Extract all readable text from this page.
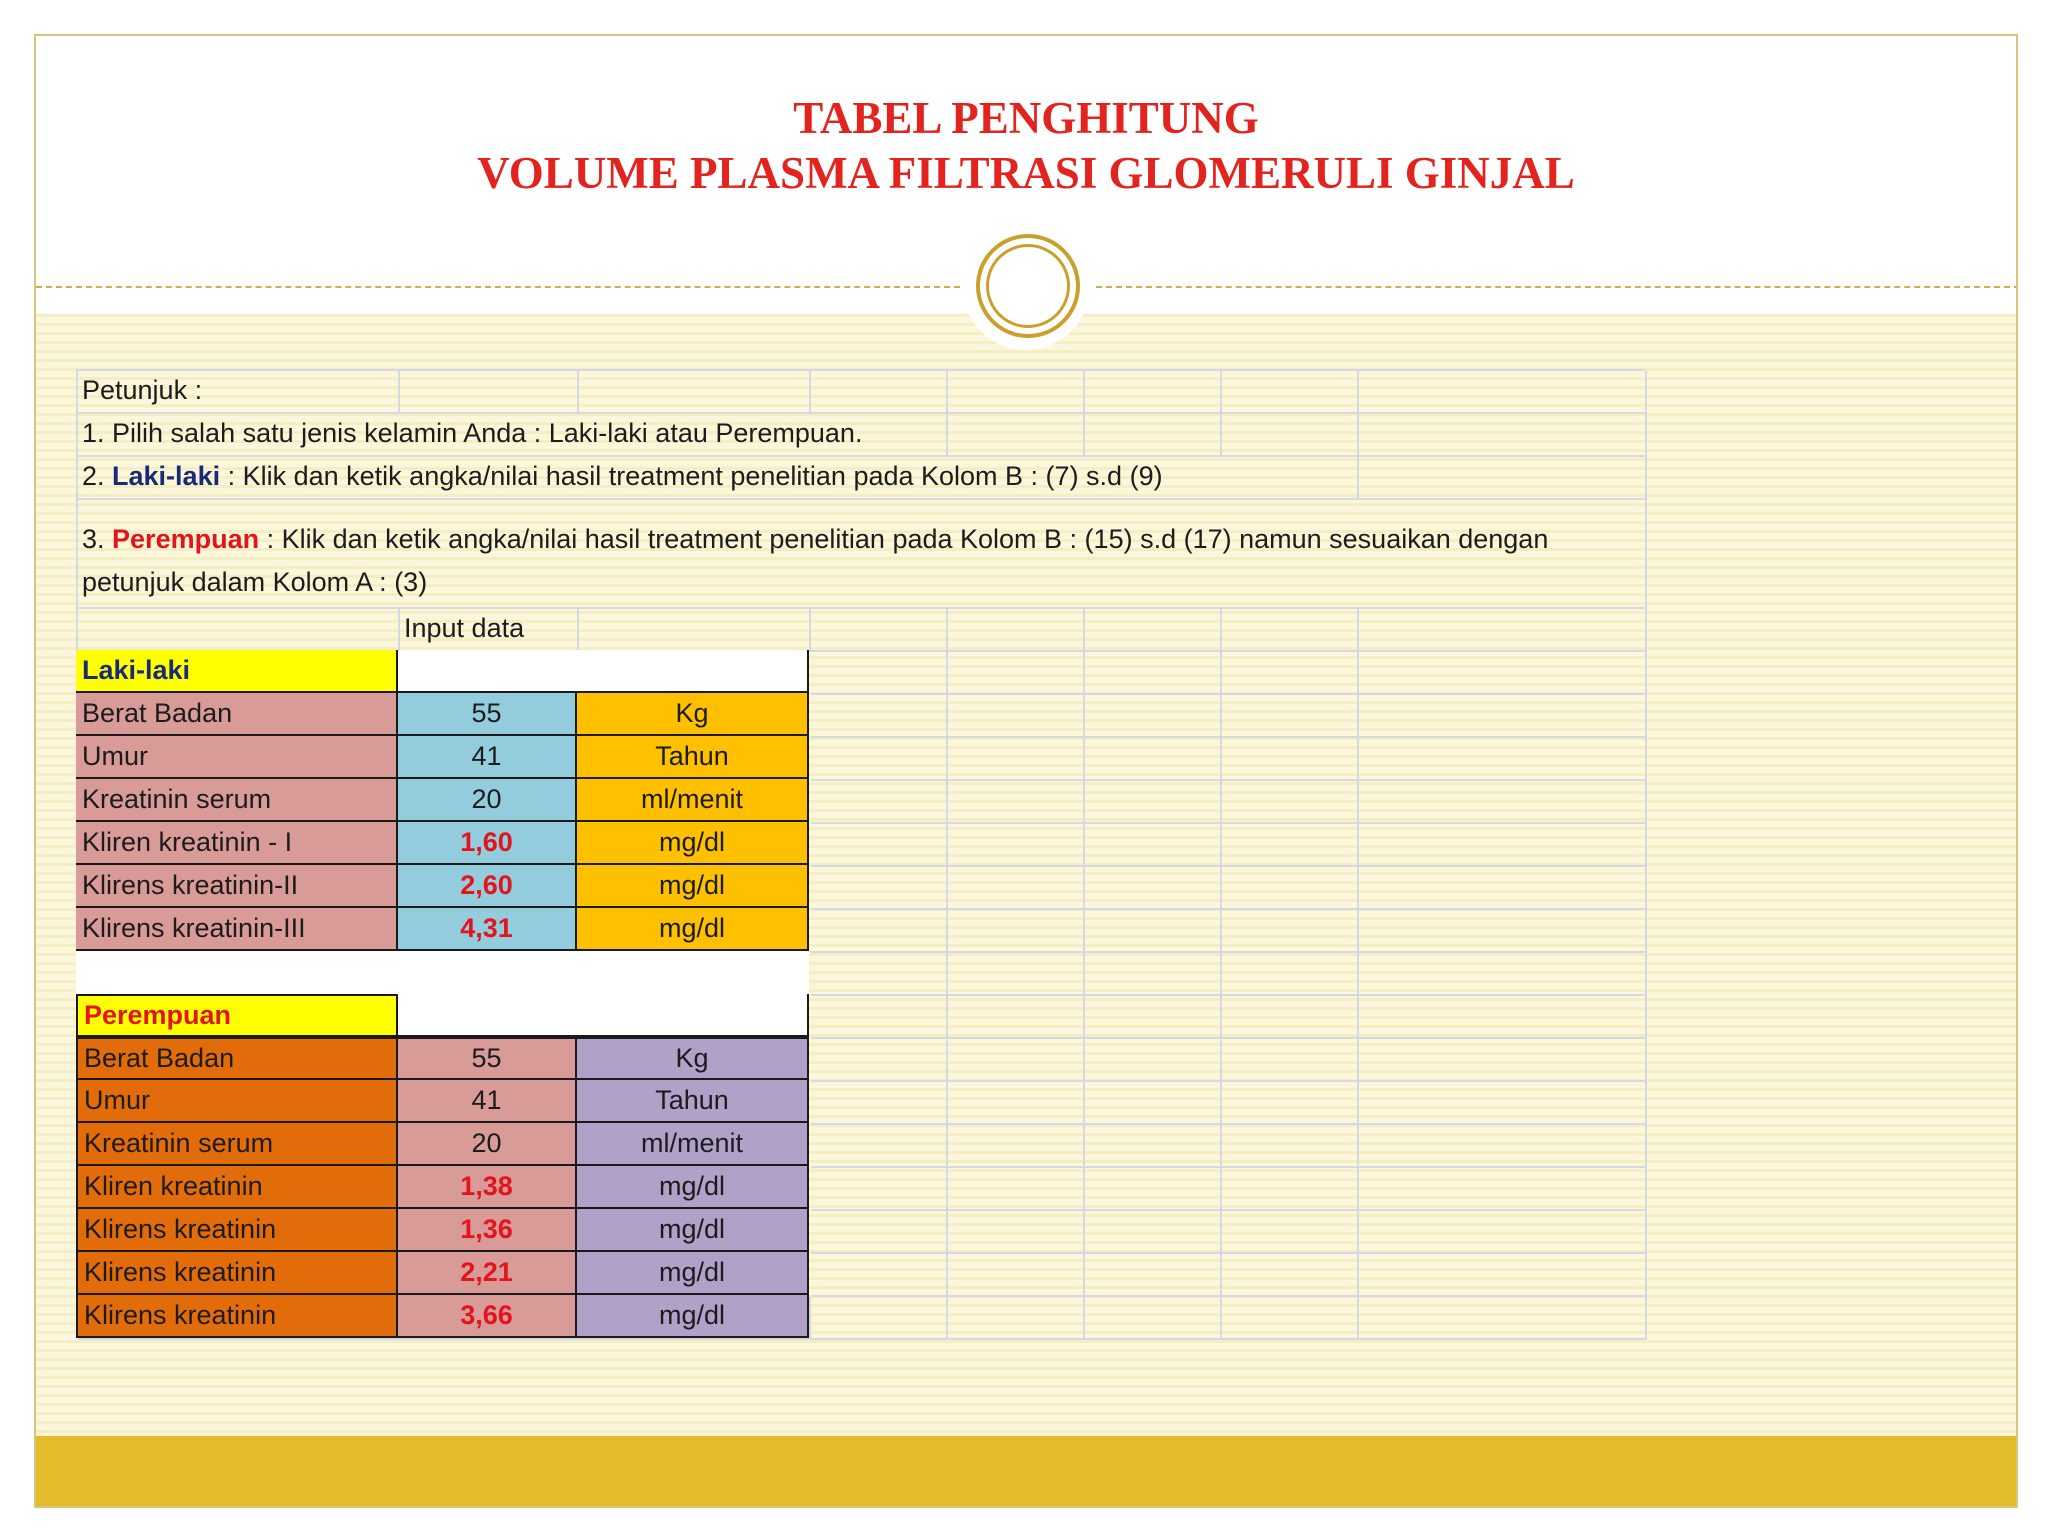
TABEL PENGHITUNG
VOLUME PLASMA FILTRASI GLOMERULI GINJAL
Petunjuk :
1. Pilih salah satu jenis kelamin Anda : Laki-laki atau Perempuan.
2. Laki-laki : Klik dan ketik angka/nilai hasil treatment penelitian pada Kolom B : (7) s.d (9)
3. Perempuan : Klik dan ketik angka/nilai hasil treatment penelitian pada Kolom B : (15) s.d (17) namun sesuaikan dengan petunjuk dalam Kolom A : (3)
Input data
Laki-laki
Berat Badan	55	Kg
Umur	41	Tahun
Kreatinin serum	20	ml/menit
Kliren kreatinin - I	1,60	mg/dl
Klirens kreatinin-II	2,60	mg/dl
Klirens kreatinin-III	4,31	mg/dl
Perempuan
Berat Badan	55	Kg
Umur	41	Tahun
Kreatinin serum	20	ml/menit
Kliren kreatinin	1,38	mg/dl
Klirens kreatinin	1,36	mg/dl
Klirens kreatinin	2,21	mg/dl
Klirens kreatinin	3,66	mg/dl
